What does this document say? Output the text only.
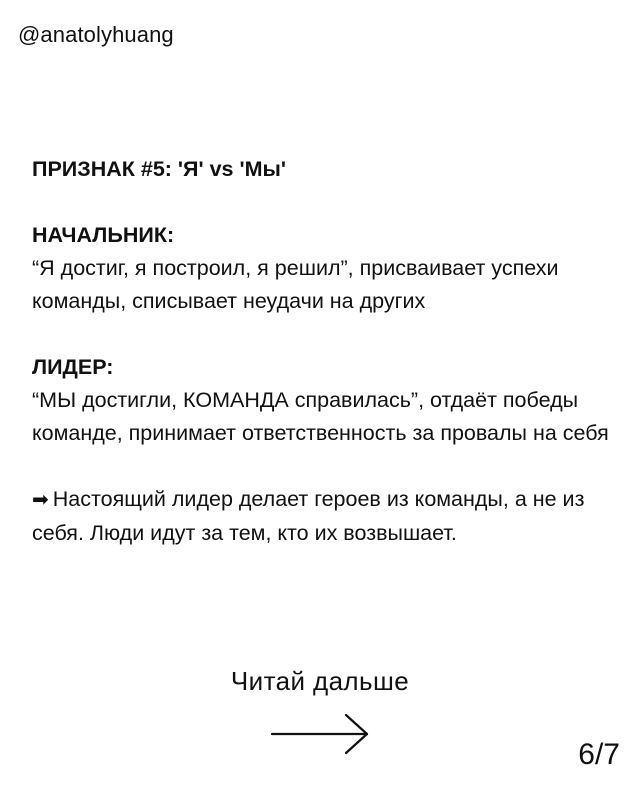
@anatolyhuang

ПРИЗНАК #5: 'Я' vs 'Мы'

НАЧАЛЬНИК:

“Я достиг, я построил, я решил”, присваивает успехи команды, списывает неудачи на других

ЛИДЕР:

“МЫ достигли, КОМАНДА справилась”, отдаёт победы команде, принимает ответственность за провалы на себя

➡ Настоящий лидер делает героев из команды, а не из себя. Люди идут за тем, кто их возвышает.

Читай дальше
6/7
